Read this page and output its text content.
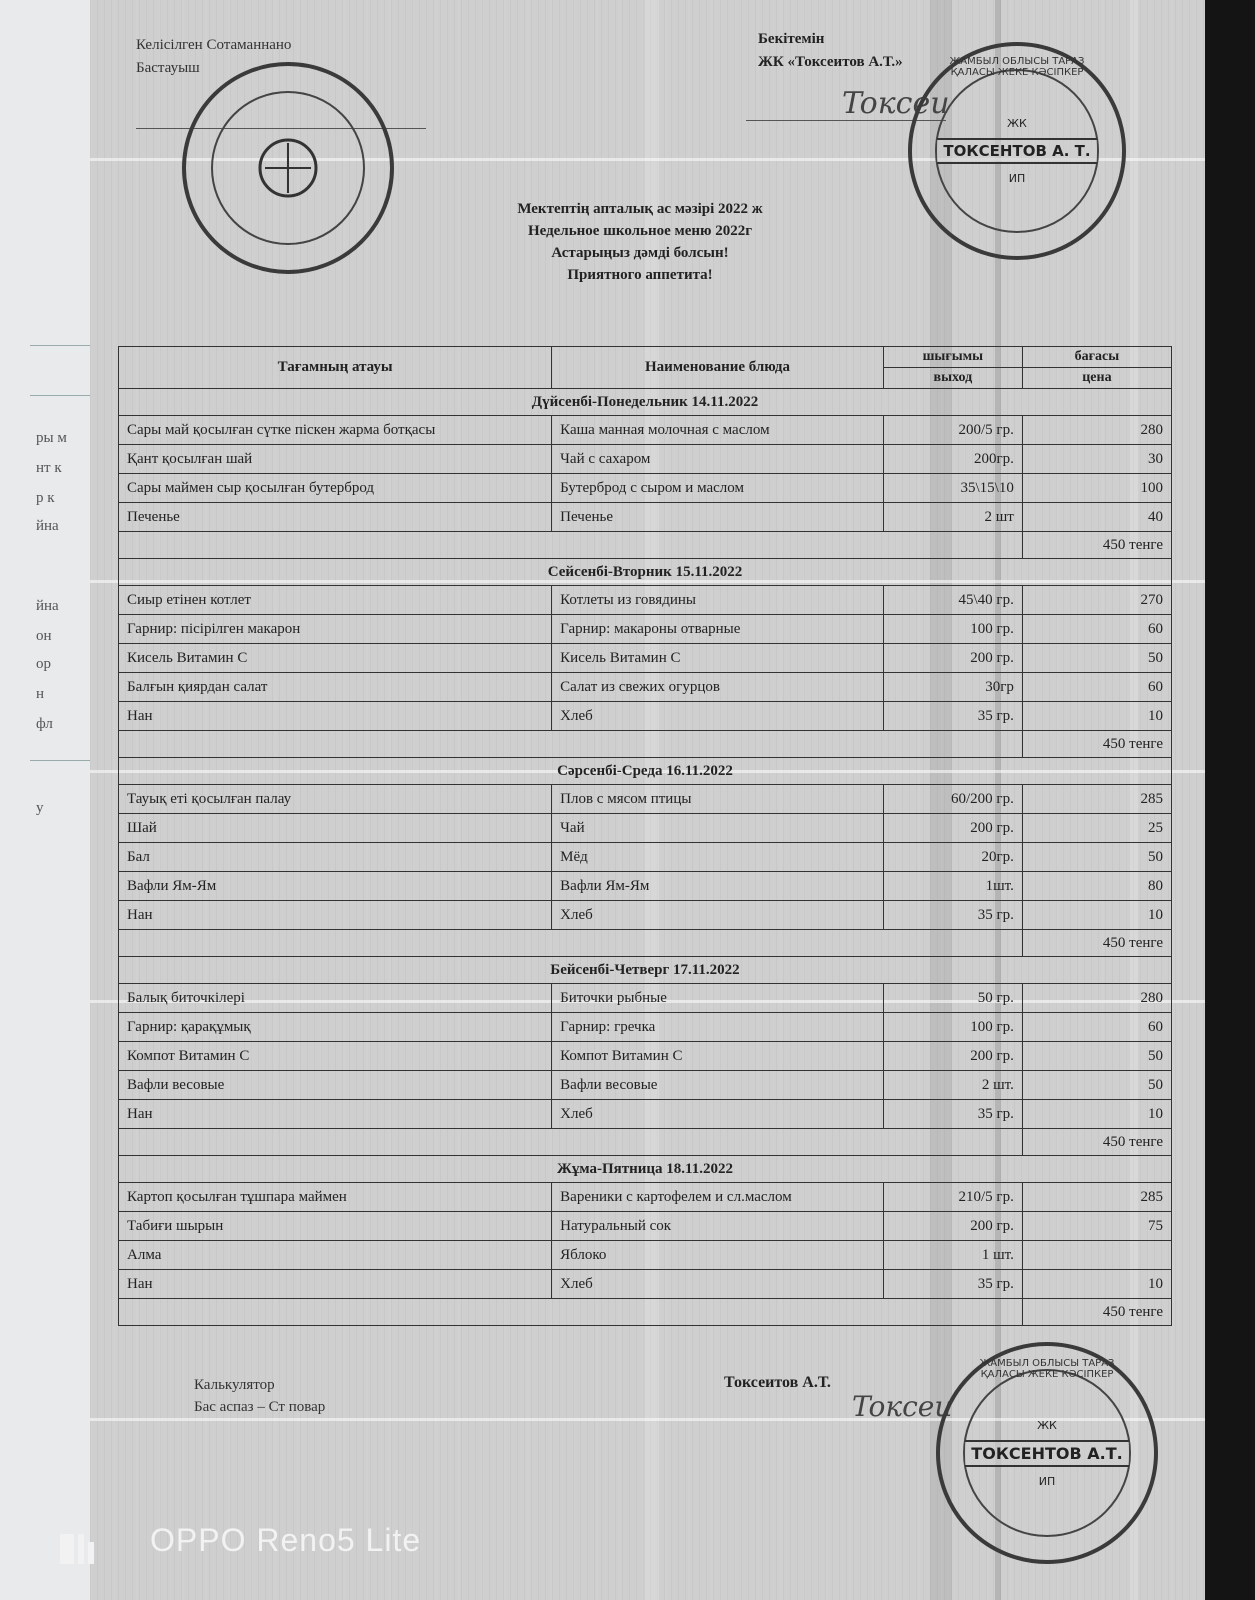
ры м
нт к
р к
йна
йна
он
ор
н
фл
у
Келісілген Сотаманнано
Бастауыш
Бекітемін
ЖК «Токсеитов А.Т.»
Toксeu
ЖК
ТОКСЕНТОВ А. Т.
ИП
ЖАМБЫЛ ОБЛЫСЫ ТАРАЗ ҚАЛАСЫ ЖЕКЕ КӘСІПКЕР
Мектептің апталық ас мәзірі 2022 ж
Недельное школьное меню 2022г
Астарыңыз дәмді болсын!
Приятного аппетита!
Тағамның атауы	Наименование блюда	шығымы	бағасы
		выход	цена
Дүйсенбі-Понедельник 14.11.2022			
Сары май қосылған сүтке піскен жарма ботқасы	Каша манная молочная с маслом	200/5 гр.	280
Қант қосылған шай	Чай с сахаром	200гр.	30
Сары маймен сыр қосылған бутерброд	Бутерброд с сыром и маслом	35\15\10	100
Печенье	Печенье	2 шт	40
			450 тенге
Сейсенбі-Вторник 15.11.2022			
Сиыр етінен котлет	Котлеты из говядины	45\40 гр.	270
Гарнир: пісірілген макарон	Гарнир: макароны отварные	100 гр.	60
Кисель Витамин С	Кисель Витамин С	200 гр.	50
Балғын қиярдан салат	Салат из свежих огурцов	30гр	60
Нан	Хлеб	35 гр.	10
			450 тенге
Сәрсенбі-Среда 16.11.2022			
Тауық еті қосылған палау	Плов с мясом птицы	60/200 гр.	285
Шай	Чай	200 гр.	25
Бал	Мёд	20гр.	50
Вафли Ям-Ям	Вафли Ям-Ям	1шт.	80
Нан	Хлеб	35 гр.	10
			450 тенге
Бейсенбі-Четверг 17.11.2022			
Балық биточкілері	Биточки рыбные	50 гр.	280
Гарнир: қарақұмық	Гарнир: гречка	100 гр.	60
Компот Витамин С	Компот Витамин С	200 гр.	50
Вафли весовые	Вафли весовые	2 шт.	50
Нан	Хлеб	35 гр.	10
			450 тенге
Жұма-Пятница 18.11.2022			
Картоп қосылған тұшпара маймен	Вареники с картофелем и сл.маслом	210/5 гр.	285
Табиғи шырын	Натуральный сок	200 гр.	75
Алма	Яблоко	1 шт.	
Нан	Хлеб	35 гр.	10
			450 тенге
Калькулятор
Бас аспаз – Ст повар
Токсеитов А.Т.
Toксeu
ЖК
ТОКСЕНТОВ А.Т.
ИП
ЖАМБЫЛ ОБЛЫСЫ ТАРАЗ ҚАЛАСЫ ЖЕКЕ КӘСІПКЕР
OPPO Reno5 Lite
